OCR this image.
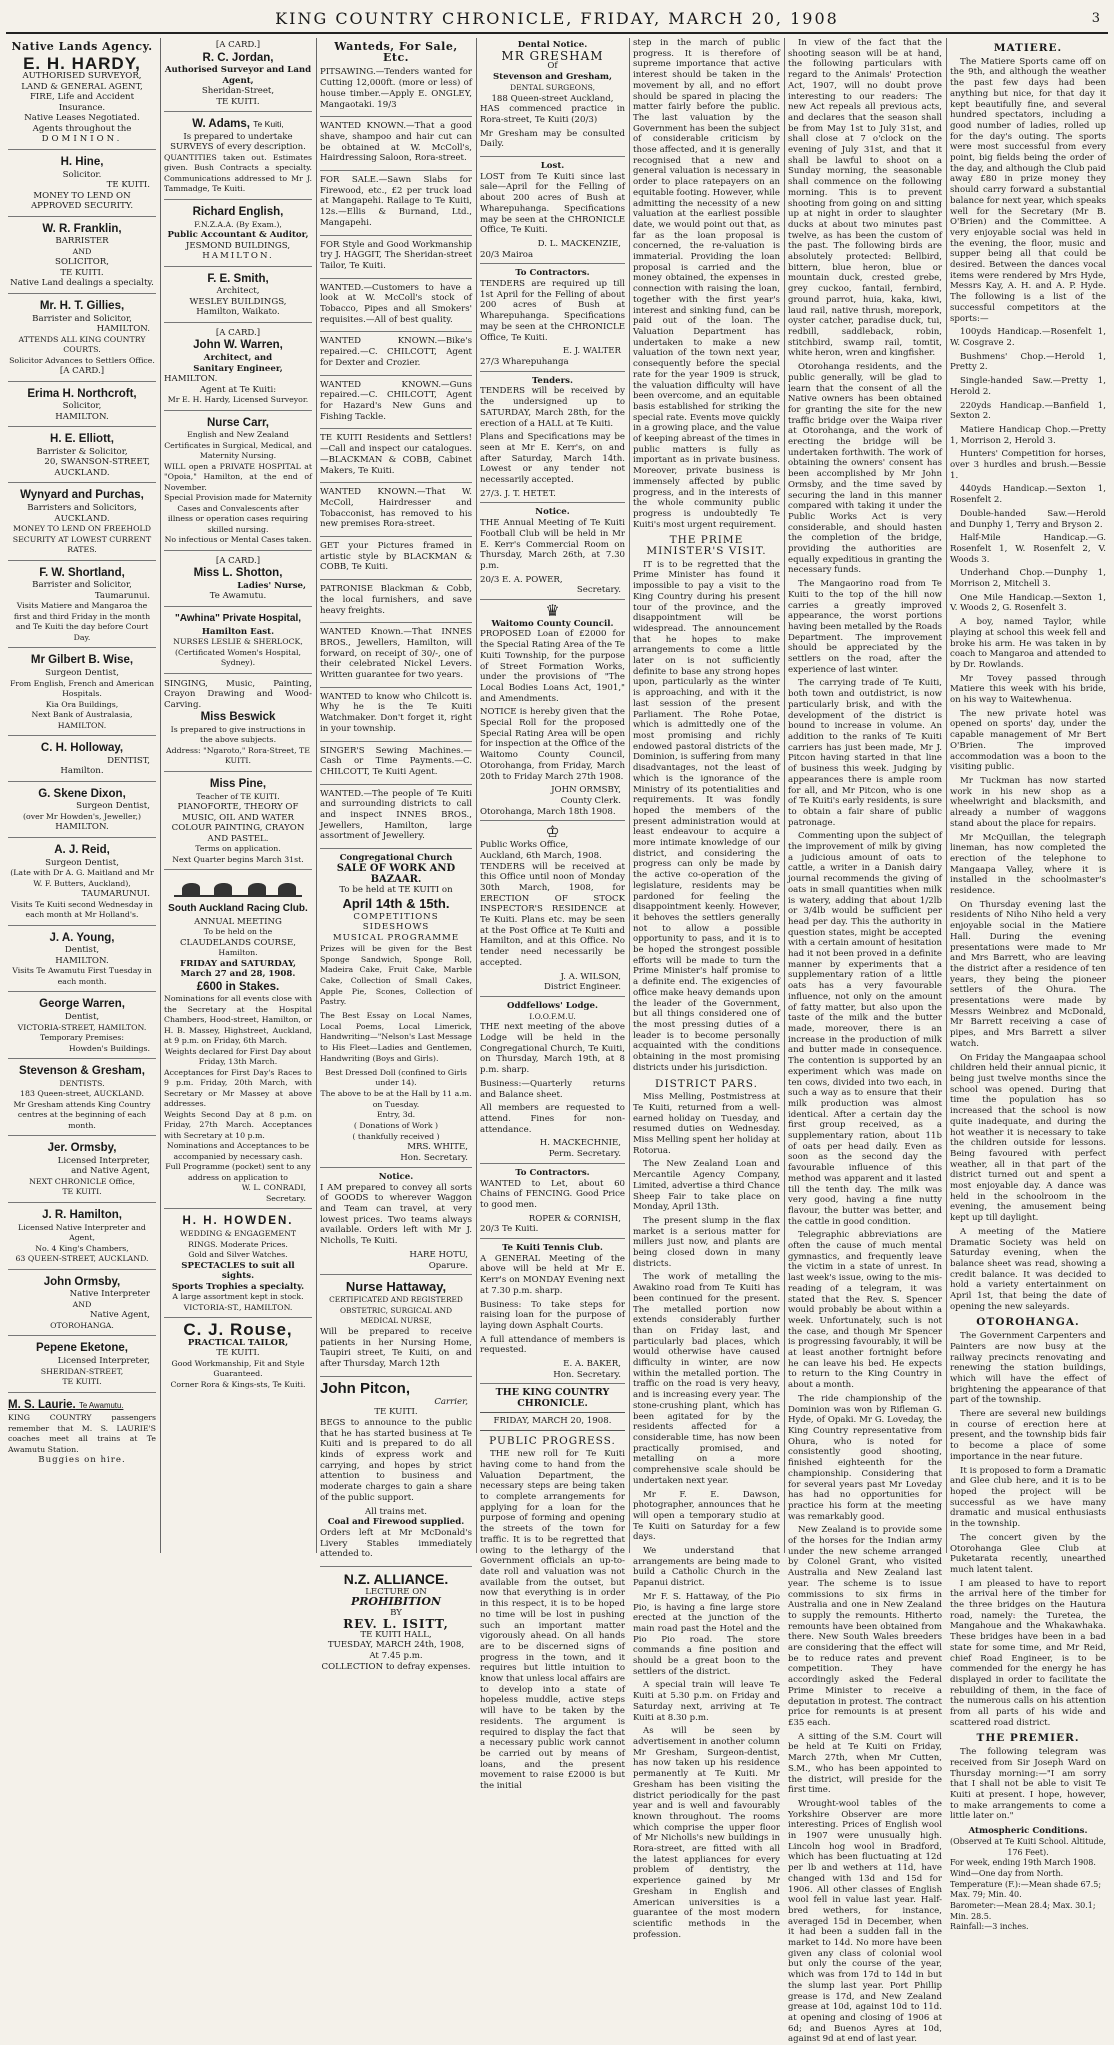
KING COUNTRY CHRONICLE, FRIDAY, MARCH 20, 1908	3
Native Lands Agency.
E. H. HARDY,
AUTHORISED SURVEYOR,
LAND & GENERAL AGENT,
FIRE, Life and Accident Insurance.
Native Leases Negotiated.
Agents throughout the
DOMINION.
H. Hine,
Solicitor.
TE KUITI.
MONEY TO LEND ON APPROVED SECURITY.
W. R. Franklin,
BARRISTER
AND
SOLICITOR,
TE KUITI.
Native Land dealings a specialty.
Mr. H. T. Gillies,
Barrister and Solicitor,
HAMILTON.
ATTENDS ALL KING COUNTRY COURTS.
Solicitor Advances to Settlers Office.
[A CARD.]
Erima H. Northcroft,
Solicitor,
HAMILTON.
H. E. Elliott,
Barrister & Solicitor,
20, SWANSON-STREET,
AUCKLAND.
Wynyard and Purchas,
Barristers and Solicitors,
AUCKLAND.
MONEY TO LEND ON FREEHOLD SECURITY AT LOWEST CURRENT RATES.
F. W. Shortland,
Barrister and Solicitor,
Taumarunui.
Visits Matiere and Mangaroa the first and third Friday in the month and Te Kuiti the day before Court Day.
Mr Gilbert B. Wise,
Surgeon Dentist,
From English, French and American Hospitals.
Kia Ora Buildings,
Next Bank of Australasia,
HAMILTON.
C. H. Holloway,
DENTIST,
Hamilton.
G. Skene Dixon,
Surgeon Dentist,
(over Mr Howden's, Jeweller,)
HAMILTON.
A. J. Reid,
Surgeon Dentist,
(Late with Dr A. G. Maitland and Mr W. F. Butters, Auckland),
TAUMARUNUI.
Visits Te Kuiti second Wednesday in each month at Mr Holland's.
J. A. Young,
Dentist,
HAMILTON.
Visits Te Awamutu First Tuesday in each month.
George Warren,
Dentist,
VICTORIA-STREET, HAMILTON.
Temporary Premises:
Howden's Buildings.
Stevenson & Gresham,
DENTISTS.
183 Queen-street, AUCKLAND.
Mr Gresham attends King Country centres at the beginning of each month.
Jer. Ormsby,
Licensed Interpreter,
and Native Agent,
NEXT CHRONICLE Office,
TE KUITI.
J. R. Hamilton,
Licensed Native Interpreter and Agent,
No. 4 King's Chambers,
63 QUEEN-STREET, AUCKLAND.
John Ormsby,
Native Interpreter
AND
Native Agent,
OTOROHANGA.
Pepene Eketone,
Licensed Interpreter,
SHERIDAN-STREET,
TE KUITI.
M. S. Laurie. Te Awamutu.
KING COUNTRY passengers remember that M. S. LAURIE'S coaches meet all trains at Te Awamutu Station.
Buggies on hire.
[A CARD.]
R. C. Jordan,
Authorised Surveyor and Land Agent,
Sheridan-Street,
TE KUITI.
W. Adams, Te Kuiti,
Is prepared to undertake SURVEYS of every description.
QUANTITIES taken out. Estimates given. Bush Contracts a specialty. Communications addressed to Mr J. Tammadge, Te Kuiti.
Richard English,
F.N.Z.A.A. (By Exam.),
Public Accountant & Auditor,
JESMOND BUILDINGS,
HAMILTON.
F. E. Smith,
Architect,
WESLEY BUILDINGS,
Hamilton, Waikato.
[A CARD.]
John W. Warren,
Architect, and
Sanitary Engineer,
HAMILTON.
Agent at Te Kuiti:
Mr E. H. Hardy, Licensed Surveyor.
Nurse Carr,
English and New Zealand Certificates in Surgical, Medical, and Maternity Nursing.
WILL open a PRIVATE HOSPITAL at "Opoia," Hamilton, at the end of November.
Special Provision made for Maternity Cases and Convalescents after illness or operation cases requiring skilled nursing.
No infectious or Mental Cases taken.
[A CARD.]
Miss L. Shotton,
Ladies' Nurse,
Te Awamutu.
"Awhina" Private Hospital,
Hamilton East.
NURSES LESLIE & SHERLOCK, (Certificated Women's Hospital, Sydney).
SINGING, Music, Painting, Crayon Drawing and Wood-Carving.
Miss Beswick
Is prepared to give instructions in the above subjects.
Address: "Ngaroto," Rora-Street, TE KUITI.
Miss Pine,
Teacher of TE KUITI.
PIANOFORTE, THEORY OF MUSIC, OIL AND WATER COLOUR PAINTING, CRAYON AND PASTEL.
Terms on application.
Next Quarter begins March 31st.
South Auckland Racing Club.
ANNUAL MEETING
To be held on the
CLAUDELANDS COURSE,
Hamilton.
FRIDAY and SATURDAY,
March 27 and 28, 1908.
£600 in Stakes.
Nominations for all events close with the Secretary at the Hospital Chambers, Hood-street, Hamilton, or H. B. Massey, Highstreet, Auckland, at 9 p.m. on Friday, 6th March.
Weights declared for First Day about Friday, 13th March.
Acceptances for First Day's Races to 9 p.m. Friday, 20th March, with Secretary or Mr Massey at above addresses.
Weights Second Day at 8 p.m. on Friday, 27th March. Acceptances with Secretary at 10 p.m.
Nominations and Acceptances to be accompanied by necessary cash.
Full Programme (pocket) sent to any address on application to
W. L. CONRADI,
Secretary.
H. H. HOWDEN.
WEDDING & ENGAGEMENT RINGS. Moderate Prices.
Gold and Silver Watches.
SPECTACLES to suit all sights.
Sports Trophies a specialty.
A large assortment kept in stock.
VICTORIA-ST., HAMILTON.
C. J. Rouse,
PRACTICAL TAILOR,
TE KUITI.
Good Workmanship, Fit and Style Guaranteed.
Corner Rora & Kings-sts, Te Kuiti.
Wanteds, For Sale, Etc.

PITSAWING.—Tenders wanted for Cutting 12,000ft. (more or less) of house timber.—Apply E. ONGLEY, Mangaotaki. 19/3

WANTED KNOWN.—That a good shave, shampoo and hair cut can be obtained at W. McColl's, Hairdressing Saloon, Rora-street.

FOR SALE.—Sawn Slabs for Firewood, etc., £2 per truck load at Mangapehi. Railage to Te Kuiti, 12s.—Ellis & Burnand, Ltd., Mangapehi.

FOR Style and Good Workmanship try J. HAGGIT, The Sheridan-street Tailor, Te Kuiti.

WANTED.—Customers to have a look at W. McColl's stock of Tobacco, Pipes and all Smokers' requisites.—All of best quality.

WANTED KNOWN.—Bike's repaired.—C. CHILCOTT, Agent for Dexter and Crozier.

WANTED KNOWN.—Guns repaired.—C. CHILCOTT, Agent for Hazard's New Guns and Fishing Tackle.

TE KUITI Residents and Settlers!—Call and inspect our catalogues.—BLACKMAN & COBB, Cabinet Makers, Te Kuiti.

WANTED KNOWN.—That W. McColl, Hairdresser and Tobacconist, has removed to his new premises Rora-street.

GET your Pictures framed in artistic style by BLACKMAN & COBB, Te Kuiti.

PATRONISE Blackman & Cobb, the local furnishers, and save heavy freights.

WANTED Known.—That INNES BROS., Jewellers, Hamilton, will forward, on receipt of 30/-, one of their celebrated Nickel Levers. Written guarantee for two years.

WANTED to know who Chilcott is. Why he is the Te Kuiti Watchmaker. Don't forget it, right in your township.

SINGER'S Sewing Machines.—Cash or Time Payments.—C. CHILCOTT, Te Kuiti Agent.

WANTED.—The people of Te Kuiti and surrounding districts to call and inspect INNES BROS., Jewellers, Hamilton, large assortment of Jewellery.

Congregational Church
SALE OF WORK AND BAZAAR.
To be held at TE KUITI on
April 14th & 15th.
COMPETITIONS SIDESHOWS
MUSICAL PROGRAMME

Prizes will be given for the Best Sponge Sandwich, Sponge Roll, Madeira Cake, Fruit Cake, Marble Cake, Collection of Small Cakes, Apple Pie, Scones, Collection of Pastry.

The Best Essay on Local Names, Local Poems, Local Limerick, Handwriting—"Nelson's Last Message to His Fleet—Ladies and Gentlemen, Handwriting (Boys and Girls).

Best Dressed Doll (confined to Girls under 14).
The above to be at the Hall by 11 a.m. on Tuesday.
Entry, 3d.
( Donations of Work )
( thankfully received )
MRS. WHITE,
Hon. Secretary.
Notice.

I AM prepared to convey all sorts of GOODS to wherever Waggon and Team can travel, at very lowest prices. Two teams always available. Orders left with Mr J. Nicholls, Te Kuiti.

HARE HOTU,
Oparure.
Nurse Hattaway,
CERTIFICATED AND REGISTERED OBSTETRIC, SURGICAL AND MEDICAL NURSE,

Will be prepared to receive patients in her Nursing Home, Taupiri street, Te Kuiti, on and after Thursday, March 12th

John Pitcon,
Carrier,
TE KUITI.

BEGS to announce to the public that he has started business at Te Kuiti and is prepared to do all kinds of express work and carrying, and hopes by strict attention to business and moderate charges to gain a share of the public support.

All trains met.
Coal and Firewood supplied.

Orders left at Mr McDonald's Livery Stables immediately attended to.

N.Z. ALLIANCE.
LECTURE ON
PROHIBITION
BY
REV. L. ISITT,
TE KUITI HALL,
TUESDAY, MARCH 24th, 1908,
At 7.45 p.m.
COLLECTION to defray expenses.
Dental Notice.
MR GRESHAM
Of
Stevenson and Gresham,
DENTAL SURGEONS,
188 Queen-street Auckland,

HAS commenced practice in Rora-street, Te Kuiti (20/3)

Mr Gresham may be consulted Daily.

Lost.

LOST from Te Kuiti since last sale—April for the Felling of about 200 acres of Bush at Wharepuhanga. Specifications may be seen at the CHRONICLE Office, Te Kuiti.

D. L. MACKENZIE,
20/3 Mairoa
To Contractors.

TENDERS are required up till 1st April for the Felling of about 200 acres of Bush at Wharepuhanga. Specifications may be seen at the CHRONICLE Office, Te Kuiti.

E. J. WALTER
27/3 Wharepuhanga
Tenders.

TENDERS will be received by the undersigned up to SATURDAY, March 28th, for the erection of a HALL at Te Kuiti.

Plans and Specifications may be seen at Mr E. Kerr's, on and after Saturday, March 14th. Lowest or any tender not necessarily accepted.

27/3. J. T. HETET.
Notice.

THE Annual Meeting of Te Kuiti Football Club will be held in Mr E. Kerr's Commercial Room on Thursday, March 26th, at 7.30 p.m.

20/3 E. A. POWER,
Secretary.
♛
Waitomo County Council.

PROPOSED Loan of £2000 for the Special Rating Area of the Te Kuiti Township, for the purpose of Street Formation Works, under the provisions of "The Local Bodies Loans Act, 1901," and Amendments.

NOTICE is hereby given that the Special Roll for the proposed Special Rating Area will be open for inspection at the Office of the Waitomo County Council, Otorohanga, from Friday, March 20th to Friday March 27th 1908.

JOHN ORMSBY,
County Clerk.
Otorohanga, March 18th 1908.
♔
Public Works Office,
Auckland, 6th March, 1908.

TENDERS will be received at this Office until noon of Monday 30th March, 1908, for ERECTION OF STOCK INSPECTOR'S RESIDENCE at Te Kuiti. Plans etc. may be seen at the Post Office at Te Kuiti and Hamilton, and at this Office. No tender need necessarily be accepted.

J. A. WILSON,
District Engineer.
Oddfellows' Lodge.
I.O.O.F.M.U.

THE next meeting of the above Lodge will be held in the Congregational Church, Te Kuiti, on Thursday, March 19th, at 8 p.m. sharp.

Business:—Quarterly returns and Balance sheet.

All members are requested to attend. Fines for non-attendance.

H. MACKECHNIE,
Perm. Secretary.
To Contractors.

WANTED to Let, about 60 Chains of FENCING. Good Price to good men.

ROPER & CORNISH,
20/3 Te Kuiti.
Te Kuiti Tennis Club.

A GENERAL Meeting of the above will be held at Mr E. Kerr's on MONDAY Evening next at 7.30 p.m. sharp.

Business: To take steps for raising loan for the purpose of laying down Asphalt Courts.

A full attendance of members is requested.

E. A. BAKER,
Hon. Secretary.
THE KING COUNTRY CHRONICLE.
FRIDAY, MARCH 20, 1908.
PUBLIC PROGRESS.

THE new roll for Te Kuiti having come to hand from the Valuation Department, the necessary steps are being taken to complete arrangements for applying for a loan for the purpose of forming and opening the streets of the town for traffic. It is to be regretted that owing to the lethargy of the Government officials an up-to-date roll and valuation was not available from the outset, but now that everything is in order in this respect, it is to be hoped no time will be lost in pushing such an important matter vigorously ahead. On all hands are to be discerned signs of progress in the town, and it requires but little intuition to know that unless local affairs are to develop into a state of hopeless muddle, active steps will have to be taken by the residents. The argument is required to display the fact that a necessary public work cannot be carried out by means of loans, and the present movement to raise £2000 is but the initial

step in the march of public progress. It is therefore of supreme importance that active interest should be taken in the movement by all, and no effort should be spared in placing the matter fairly before the public. The last valuation by the Government has been the subject of considerable criticism by those affected, and it is generally recognised that a new and general valuation is necessary in order to place ratepayers on an equitable footing. However, while admitting the necessity of a new valuation at the earliest possible date, we would point out that, as far as the loan proposal is concerned, the re-valuation is immaterial. Providing the loan proposal is carried and the money obtained, the expenses in connection with raising the loan, together with the first year's interest and sinking fund, can be paid out of the loan. The Valuation Department has undertaken to make a new valuation of the town next year, consequently before the special rate for the year 1909 is struck, the valuation difficulty will have been overcome, and an equitable basis established for striking the special rate. Events move quickly in a growing place, and the value of keeping abreast of the times in public matters is fully as important as in private business. Moreover, private business is immensely affected by public progress, and in the interests of the whole community public progress is undoubtedly Te Kuiti's most urgent requirement.

THE PRIME MINISTER'S VISIT.

IT is to be regretted that the Prime Minister has found it impossible to pay a visit to the King Country during his present tour of the province, and the disappointment will be widespread. The announcement that he hopes to make arrangements to come a little later on is not sufficiently definite to base any strong hopes upon, particularly as the winter is approaching, and with it the last session of the present Parliament. The Rohe Potae, which is admittedly one of the most promising and richly endowed pastoral districts of the Dominion, is suffering from many disadvantages, not the least of which is the ignorance of the Ministry of its potentialities and requirements. It was fondly hoped the members of the present administration would at least endeavour to acquire a more intimate knowledge of our district, and considering the progress can only be made by the active co-operation of the legislature, residents may be pardoned for feeling the disappointment keenly. However, it behoves the settlers generally not to allow a possible opportunity to pass, and it is to be hoped the strongest possible efforts will be made to turn the Prime Minister's half promise to a definite end. The exigencies of office make heavy demands upon the leader of the Government, but all things considered one of the most pressing duties of a leader is to become personally acquainted with the conditions obtaining in the most promising districts under his jurisdiction.

DISTRICT PARS.

Miss Melling, Postmistress at Te Kuiti, returned from a well-earned holiday on Tuesday, and resumed duties on Wednesday. Miss Melling spent her holiday at Rotorua.

The New Zealand Loan and Mercantile Agency Company, Limited, advertise a third Chance Sheep Fair to take place on Monday, April 13th.

The present slump in the flax market is a serious matter for millers just now, and plants are being closed down in many districts.

The work of metalling the Awakino road from Te Kuiti has been continued for the present. The metalled portion now extends considerably further than on Friday last, and particularly bad places, which would otherwise have caused difficulty in winter, are now within the metalled portion. The traffic on the road is very heavy, and is increasing every year. The stone-crushing plant, which has been agitated for by the residents affected for a considerable time, has now been practically promised, and metalling on a more comprehensive scale should be undertaken next year.

Mr F. E. Dawson, photographer, announces that he will open a temporary studio at Te Kuiti on Saturday for a few days.

We understand that arrangements are being made to build a Catholic Church in the Papanui district.

Mr F. S. Hattaway, of the Pio Pio, is having a fine large store erected at the junction of the main road past the Hotel and the Pio Pio road. The store commands a fine position and should be a great boon to the settlers of the district.

A special train will leave Te Kuiti at 5.30 p.m. on Friday and Saturday next, arriving at Te Kuiti at 8.30 p.m.

As will be seen by advertisement in another column Mr Gresham, Surgeon-dentist, has now taken up his residence permanently at Te Kuiti. Mr Gresham has been visiting the district periodically for the past year and is well and favourably known throughout. The rooms which comprise the upper floor of Mr Nicholls's new buildings in Rora-street, are fitted with all the latest appliances for every problem of dentistry, the experience gained by Mr Gresham in English and American universities is a guarantee of the most modern scientific methods in the profession.

In view of the fact that the shooting season will be at hand, the following particulars with regard to the Animals' Protection Act, 1907, will no doubt prove interesting to our readers: The new Act repeals all previous acts, and declares that the season shall be from May 1st to July 31st, and shall close at 7 o'clock on the evening of July 31st, and that it shall be lawful to shoot on a Sunday morning, the seasonable shall commence on the following morning. This is to prevent shooting from going on and sitting up at night in order to slaughter ducks at about two minutes past twelve, as has been the custom of the past. The following birds are absolutely protected: Bellbird, bittern, blue heron, blue or mountain duck, crested grebe, grey cuckoo, fantail, fernbird, ground parrot, huia, kaka, kiwi, laud rail, native thrush, morepork, oyster catcher, paradise duck, tui, redbill, saddleback, robin, stitchbird, swamp rail, tomtit, white heron, wren and kingfisher.

Otorohanga residents, and the public generally, will be glad to learn that the consent of all the Native owners has been obtained for granting the site for the new traffic bridge over the Waipa river at Otorohanga, and the work of erecting the bridge will be undertaken forthwith. The work of obtaining the owners' consent has been accomplished by Mr John Ormsby, and the time saved by securing the land in this manner compared with taking it under the Public Works Act is very considerable, and should hasten the completion of the bridge, providing the authorities are equally expeditious in granting the necessary funds.

The Mangaorino road from Te Kuiti to the top of the hill now carries a greatly improved appearance, the worst portions having been metalled by the Roads Department. The improvement should be appreciated by the settlers on the road, after the experience of last winter.

The carrying trade of Te Kuiti, both town and outdistrict, is now particularly brisk, and with the development of the district is bound to increase in volume. An addition to the ranks of Te Kuiti carriers has just been made, Mr J. Pitcon having started in that line of business this week. Judging by appearances there is ample room for all, and Mr Pitcon, who is one of Te Kuiti's early residents, is sure to obtain a fair share of public patronage.

Commenting upon the subject of the improvement of milk by giving a judicious amount of oats to cattle, a writer in a Danish dairy journal recommends the giving of oats in small quantities when milk is watery, adding that about 1/2lb or 3/4lb would be sufficient per head per day. This the authority in question states, might be accepted with a certain amount of hesitation had it not been proved in a definite manner by experiments that a supplementary ration of a little oats has a very favourable influence, not only on the amount of fatty matter, but also upon the taste of the milk and the butter made, moreover, there is an increase in the production of milk and butter made in consequence. The contention is supported by an experiment which was made on ten cows, divided into two each, in such a way as to ensure that their milk production was almost identical. After a certain day the first group received, as a supplementary ration, about 11b of oats per head daily. Even as soon as the second day the favourable influence of this method was apparent and it lasted till the tenth day. The milk was very good, having a fine nutty flavour, the butter was better, and the cattle in good condition.

Telegraphic abbreviations are often the cause of much mental gymnastics, and frequently leave the victim in a state of unrest. In last week's issue, owing to the mis-reading of a telegram, it was stated that the Rev. S. Spencer would probably be about within a week. Unfortunately, such is not the case, and though Mr Spencer is progressing favourably, it will be at least another fortnight before he can leave his bed. He expects to return to the King Country in about a month.

The ride championship of the Dominion was won by Rifleman G. Hyde, of Opaki. Mr G. Loveday, the King Country representative from Ohura, who is noted for consistently good shooting, finished eighteenth for the championship. Considering that for several years past Mr Loveday has had no opportunities for practice his form at the meeting was remarkably good.

New Zealand is to provide some of the horses for the Indian army under the new scheme arranged by Colonel Grant, who visited Australia and New Zealand last year. The scheme is to issue commissions to six firms in Australia and one in New Zealand to supply the remounts. Hitherto remounts have been obtained from there. New South Wales breeders are considering that the effect will be to reduce rates and prevent competition. They have accordingly asked the Federal Prime Minister to receive a deputation in protest. The contract price for remounts is at present £35 each.

A sitting of the S.M. Court will be held at Te Kuiti on Friday, March 27th, when Mr Cutten, S.M., who has been appointed to the district, will preside for the first time.

Wrought-wool tables of the Yorkshire Observer are more interesting. Prices of English wool in 1907 were unusually high. Lincoln hog wool in Bradford, which has been fluctuating at 12d per lb and wethers at 11d, have changed with 13d and 15d for 1906. All other classes of English wool fell in value last year. Half-bred wethers, for instance, averaged 15d in December, when it had been a sudden fall in the market to 14d. No more have been given any class of colonial wool but only the course of the year, which was from 17d to 14d in but the slump last year. Port Phillip grease is 17d, and New Zealand grease at 10d, against 10d to 11d. at opening and closing of 1906 at 6d; and Buenos Ayres at 10d, against 9d at end of last year.

MATIERE.

The Matiere Sports came off on the 9th, and although the weather the past few days had been anything but nice, for that day it kept beautifully fine, and several hundred spectators, including a good number of ladies, rolled up for the day's outing. The sports were most successful from every point, big fields being the order of the day, and although the Club paid away £80 in prize money they should carry forward a substantial balance for next year, which speaks well for the Secretary (Mr B. O'Brien) and the Committee. A very enjoyable social was held in the evening, the floor, music and supper being all that could be desired. Between the dances vocal items were rendered by Mrs Hyde, Messrs Kay, A. H. and A. P. Hyde. The following is a list of the successful competitors at the sports:—

100yds Handicap.—Rosenfelt 1, W. Cosgrave 2.

Bushmens' Chop.—Herold 1, Pretty 2.

Single-handed Saw.—Pretty 1, Herold 2.

220yds Handicap.—Banfield 1, Sexton 2.

Matiere Handicap Chop.—Pretty 1, Morrison 2, Herold 3.

Hunters' Competition for horses, over 3 hurdles and brush.—Bessie 1.

440yds Handicap.—Sexton 1, Rosenfelt 2.

Double-handed Saw.—Herold and Dunphy 1, Terry and Bryson 2.

Half-Mile Handicap.—G. Rosenfelt 1, W. Rosenfelt 2, V. Woods 3.

Underhand Chop.—Dunphy 1, Morrison 2, Mitchell 3.

One Mile Handicap.—Sexton 1, V. Woods 2, G. Rosenfelt 3.

A boy, named Taylor, while playing at school this week fell and broke his arm. He was taken in by coach to Mangaroa and attended to by Dr. Rowlands.

Mr Tovey passed through Matiere this week with his bride, on his way to Waitewhenua.

The new private hotel was opened on sports' day, under the capable management of Mr Bert O'Brien. The improved accommodation was a boon to the visiting public.

Mr Tuckman has now started work in his new shop as a wheelwright and blacksmith, and already a number of waggons stand about the place for repairs.

Mr McQuillan, the telegraph lineman, has now completed the erection of the telephone to Mangaapa Valley, where it is installed in the schoolmaster's residence.

On Thursday evening last the residents of Niho Niho held a very enjoyable social in the Matiere Hall. During the evening presentations were made to Mr and Mrs Barrett, who are leaving the district after a residence of ten years, they being the pioneer settlers of the Ohura. The presentations were made by Messrs Weinbrez and McDonald, Mr Barrett receiving a case of pipes, and Mrs Barrett a silver watch.

On Friday the Mangaapaa school children held their annual picnic, it being just twelve months since the school was opened. During that time the population has so increased that the school is now quite inadequate, and during the hot weather it is necessary to take the children outside for lessons. Being favoured with perfect weather, all in that part of the district turned out and spent a most enjoyable day. A dance was held in the schoolroom in the evening, the amusement being kept up till daylight.

A meeting of the Matiere Dramatic Society was held on Saturday evening, when the balance sheet was read, showing a credit balance. It was decided to hold a variety entertainment on April 1st, that being the date of opening the new saleyards.

OTOROHANGA.

The Government Carpenters and Painters are now busy at the railway precincts renovating and renewing the station buildings, which will have the effect of brightening the appearance of that part of the township.

There are several new buildings in course of erection here at present, and the township bids fair to become a place of some importance in the near future.

It is proposed to form a Dramatic and Glee club here, and it is to be hoped the project will be successful as we have many dramatic and musical enthusiasts in the township.

The concert given by the Otorohanga Glee Club at Puketarata recently, unearthed much latent talent.

I am pleased to have to report the arrival here of the timber for the three bridges on the Hautura road, namely: the Turetea, the Mangahoue and the Whakawhaka. These bridges have been in a bad state for some time, and Mr Reid, chief Road Engineer, is to be commended for the energy he has displayed in order to facilitate the rebuilding of them, in the face of the numerous calls on his attention from all parts of his wide and scattered road district.

THE PREMIER.

The following telegram was received from Sir Joseph Ward on Thursday morning:—"I am sorry that I shall not be able to visit Te Kuiti at present. I hope, however, to make arrangements to come a little later on."

Atmospheric Conditions.
(Observed at Te Kuiti School. Altitude, 176 Feet).
For week, ending 19th March 1908.
Wind—One day from North.
Temperature (F.):—Mean shade 67.5; Max. 79; Min. 40.
Barometer:—Mean 28.4; Max. 30.1; Min. 28.5.
Rainfall:—3 inches.
